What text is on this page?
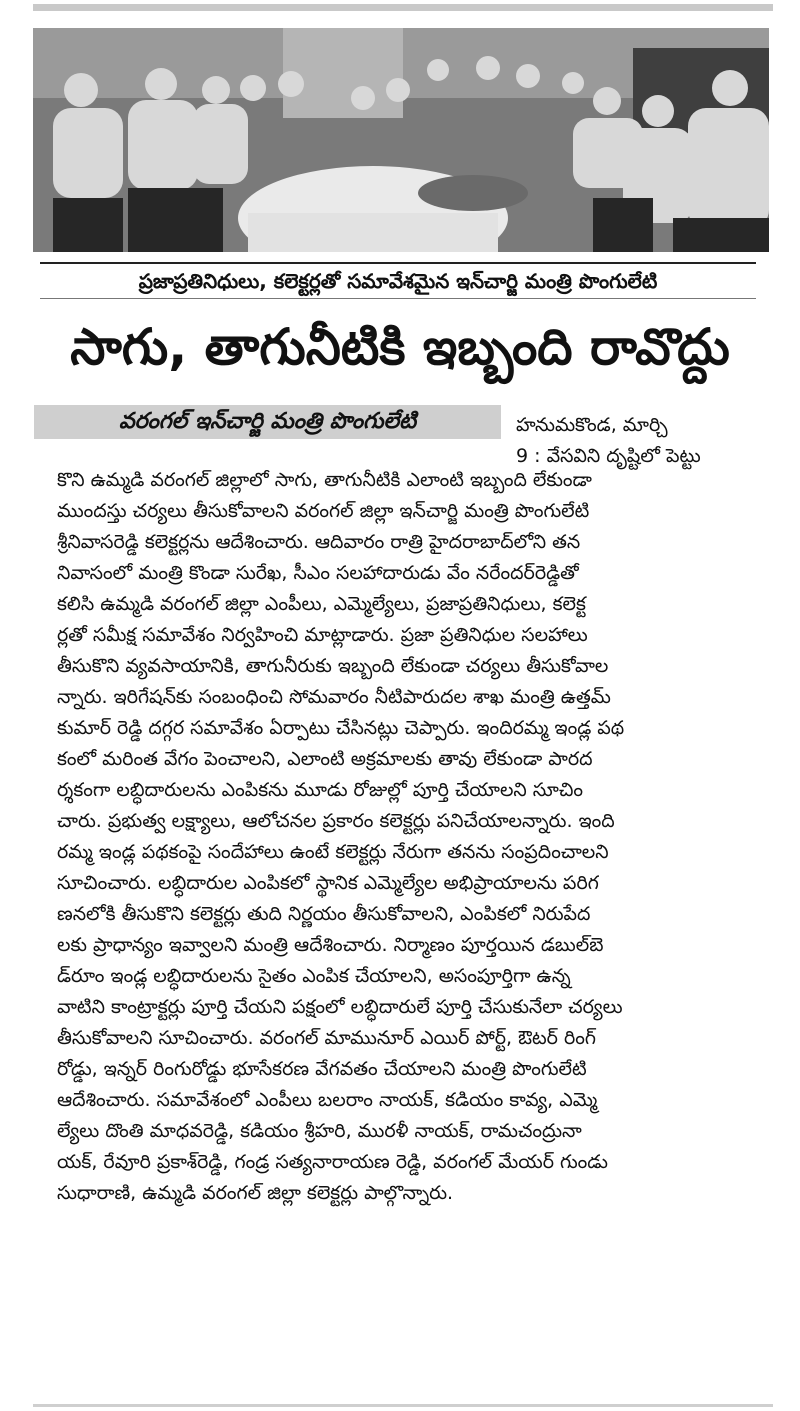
ప్రజాప్రతినిధులు, కలెక్టర్లతో సమావేశమైన ఇన్‌చార్జి మంత్రి పొంగులేటి
సాగు, తాగునీటికి ఇబ్బంది రావొద్దు
వరంగల్ ఇన్‌చార్జి మంత్రి పొంగులేటి	హనుమకొండ, మార్చి
9 : వేసవిని దృష్టిలో పెట్టు
కొని ఉమ్మడి వరంగల్ జిల్లాలో సాగు, తాగునీటికి ఎలాంటి ఇబ్బంది లేకుండా
ముందస్తు చర్యలు తీసుకోవాలని వరంగల్ జిల్లా ఇన్‌చార్జి మంత్రి పొంగులేటి
శ్రీనివాసరెడ్డి కలెక్టర్లను ఆదేశించారు. ఆదివారం రాత్రి హైదరాబాద్‌లోని తన
నివాసంలో మంత్రి కొండా సురేఖ, సీఎం సలహాదారుడు వేం నరేందర్‌రెడ్డితో
కలిసి ఉమ్మడి వరంగల్ జిల్లా ఎంపీలు, ఎమ్మెల్యేలు, ప్రజాప్రతినిధులు, కలెక్ట
ర్లతో సమీక్ష సమావేశం నిర్వహించి మాట్లాడారు. ప్రజా ప్రతినిధుల సలహాలు
తీసుకొని వ్యవసాయానికి, తాగునీరుకు ఇబ్బంది లేకుండా చర్యలు తీసుకోవాల
న్నారు. ఇరిగేషన్‌కు సంబంధించి సోమవారం నీటిపారుదల శాఖ మంత్రి ఉత్తమ్
కుమార్ రెడ్డి దగ్గర సమావేశం ఏర్పాటు చేసినట్లు చెప్పారు. ఇందిరమ్మ ఇండ్ల పథ
కంలో మరింత వేగం పెంచాలని, ఎలాంటి అక్రమాలకు తావు లేకుండా పారద
ర్శకంగా లబ్ధిదారులను ఎంపికను మూడు రోజుల్లో పూర్తి చేయాలని సూచిం
చారు. ప్రభుత్వ లక్ష్యాలు, ఆలోచనల ప్రకారం కలెక్టర్లు పనిచేయాలన్నారు. ఇంది
రమ్మ ఇండ్ల పథకంపై సందేహాలు ఉంటే కలెక్టర్లు నేరుగా తనను సంప్రదించాలని
సూచించారు. లబ్ధిదారుల ఎంపికలో స్థానిక ఎమ్మెల్యేల అభిప్రాయాలను పరిగ
ణనలోకి తీసుకొని కలెక్టర్లు తుది నిర్ణయం తీసుకోవాలని, ఎంపికలో నిరుపేద
లకు ప్రాధాన్యం ఇవ్వాలని మంత్రి ఆదేశించారు. నిర్మాణం పూర్తయిన డబుల్‌బె
డ్‌రూం ఇండ్ల లబ్ధిదారులను సైతం ఎంపిక చేయాలని, అసంపూర్తిగా ఉన్న
వాటిని కాంట్రాక్టర్లు పూర్తి చేయని పక్షంలో లబ్ధిదారులే పూర్తి చేసుకునేలా చర్యలు
తీసుకోవాలని సూచించారు. వరంగల్ మామునూర్ ఎయిర్ పోర్ట్, ఔటర్ రింగ్
రోడ్డు, ఇన్నర్ రింగురోడ్డు భూసేకరణ వేగవతం చేయాలని మంత్రి పొంగులేటి
ఆదేశించారు. సమావేశంలో ఎంపీలు బలరాం నాయక్, కడియం కావ్య, ఎమ్మె
ల్యేలు దొంతి మాధవరెడ్డి, కడియం శ్రీహరి, మురళీ నాయక్, రామచంద్రునా
యక్, రేవూరి ప్రకాశ్‌రెడ్డి, గండ్ర సత్యనారాయణ రెడ్డి, వరంగల్ మేయర్ గుండు
సుధారాణి, ఉమ్మడి వరంగల్ జిల్లా కలెక్టర్లు పాల్గొన్నారు.
